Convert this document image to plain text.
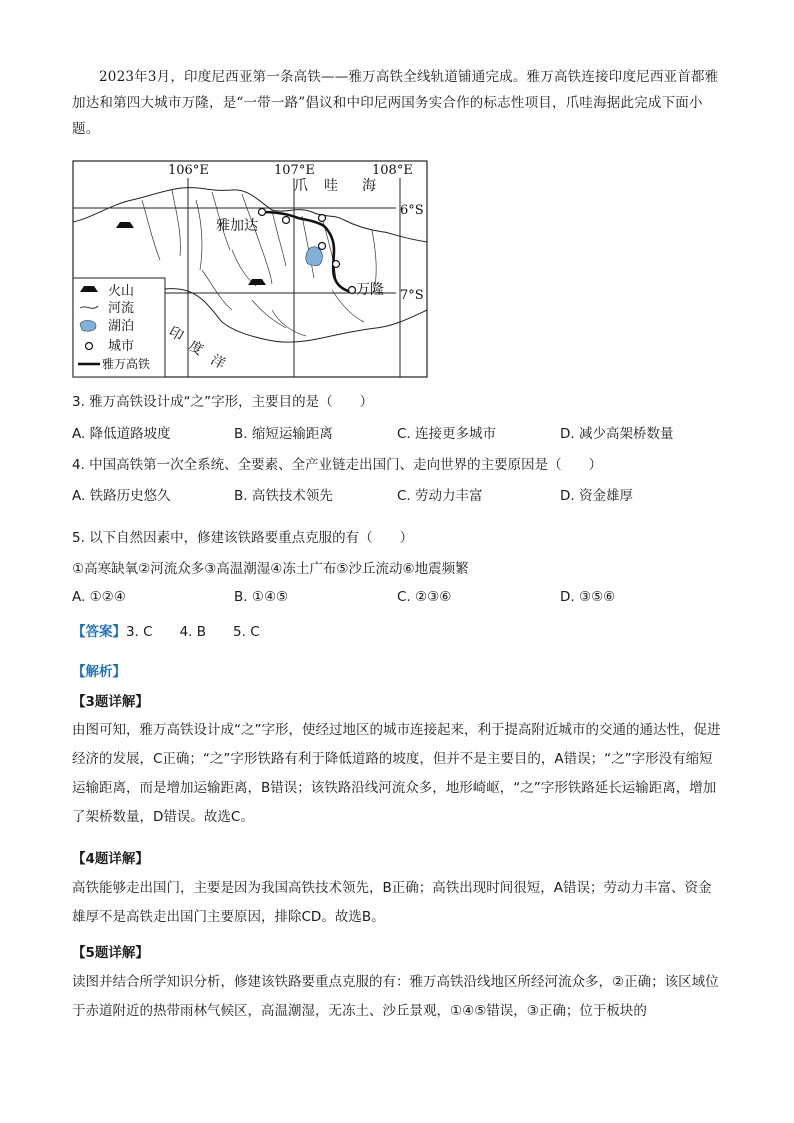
2023年3月，印度尼西亚第一条高铁——雅万高铁全线轨道铺通完成。雅万高铁连接印度尼西亚首都雅加达和第四大城市万隆，是“一带一路”倡议和中印尼两国务实合作的标志性项目，爪哇海据此完成下面小题。

火山
河流
湖泊
城市
雅万高铁
106°E	107°E	108°E
6°S
7°S
爪 哇 海
印
度
洋
雅加达
万隆
3. 雅万高铁设计成“之”字形，主要目的是（　　）
A. 降低道路坡度	B. 缩短运输距离	C. 连接更多城市	D. 减少高架桥数量
4. 中国高铁第一次全系统、全要素、全产业链走出国门、走向世界的主要原因是（　　）
A. 铁路历史悠久	B. 高铁技术领先	C. 劳动力丰富	D. 资金雄厚
5. 以下自然因素中，修建该铁路要重点克服的有（　　）
①高寒缺氧②河流众多③高温潮湿④冻土广布⑤沙丘流动⑥地震频繁
A. ①②④	B. ①④⑤	C. ②③⑥	D. ③⑤⑥
【答案】3. C　　4. B　　5. C
【解析】
【3题详解】

由图可知，雅万高铁设计成“之”字形，使经过地区的城市连接起来，利于提高附近城市的交通的通达性，促进经济的发展，C正确；“之”字形铁路有利于降低道路的坡度，但并不是主要目的，A错误；“之”字形没有缩短运输距离，而是增加运输距离，B错误；该铁路沿线河流众多，地形崎岖，“之”字形铁路延长运输距离，增加了架桥数量，D错误。故选C。

【4题详解】

高铁能够走出国门，主要是因为我国高铁技术领先，B正确；高铁出现时间很短，A错误；劳动力丰富、资金雄厚不是高铁走出国门主要原因，排除CD。故选B。

【5题详解】

读图并结合所学知识分析，修建该铁路要重点克服的有：雅万高铁沿线地区所经河流众多，②正确；该区域位于赤道附近的热带雨林气候区，高温潮湿，无冻土、沙丘景观，①④⑤错误，③正确；位于板块的
